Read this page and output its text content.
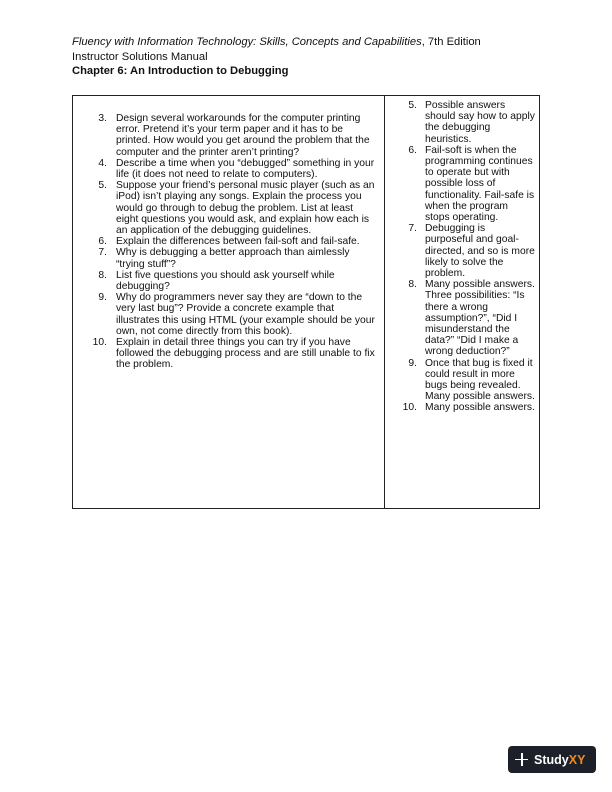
Fluency with Information Technology: Skills, Concepts and Capabilities, 7th Edition
Instructor Solutions Manual
Chapter 6: An Introduction to Debugging
3. Design several workarounds for the computer printing error. Pretend it’s your term paper and it has to be printed. How would you get around the problem that the computer and the printer aren’t printing?
4. Describe a time when you “debugged” something in your life (it does not need to relate to computers).
5. Suppose your friend’s personal music player (such as an iPod) isn’t playing any songs. Explain the process you would go through to debug the problem. List at least eight questions you would ask, and explain how each is an application of the debugging guidelines.
6. Explain the differences between fail-soft and fail-safe.
7. Why is debugging a better approach than aimlessly “trying stuff”?
8. List five questions you should ask yourself while debugging?
9. Why do programmers never say they are “down to the very last bug”? Provide a concrete example that illustrates this using HTML (your example should be your own, not come directly from this book).
10. Explain in detail three things you can try if you have followed the debugging process and are still unable to fix the problem.
5. Possible answers should say how to apply the debugging heuristics.
6. Fail-soft is when the programming continues to operate but with possible loss of functionality. Fail-safe is when the program stops operating.
7. Debugging is purposeful and goal-directed, and so is more likely to solve the problem.
8. Many possible answers. Three possibilities: “Is there a wrong assumption?”, “Did I misunderstand the data?” “Did I make a wrong deduction?”
9. Once that bug is fixed it could result in more bugs being revealed. Many possible answers.
10. Many possible answers.
Study XY
